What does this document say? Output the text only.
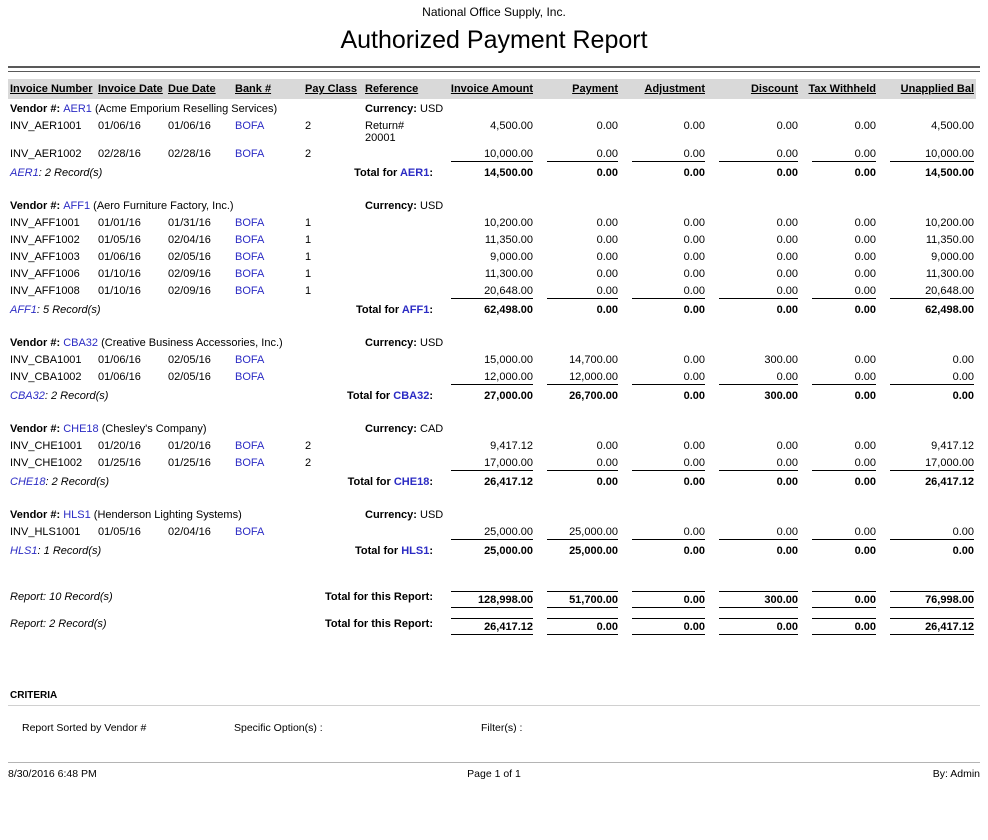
National Office Supply, Inc.
Authorized Payment Report
Invoice Number	Invoice Date	Due Date	Bank #	Pay Class	Reference	Invoice Amount	Payment	Adjustment	Discount	Tax Withheld	Unapplied Bal
Vendor #: AER1 (Acme Emporium Reselling Services)					Currency: USD						
INV_AER1001	01/06/16	01/06/16	BOFA	2	Return#
20001	4,500.00	0.00	0.00	0.00	0.00	4,500.00

INV_AER1002	02/28/16	02/28/16	BOFA	2		10,000.00	0.00	0.00	0.00	0.00	10,000.00

AER1: 2 Record(s)				Total for AER1:		14,500.00	0.00	0.00	0.00	0.00	14,500.00

Vendor #: AFF1 (Aero Furniture Factory, Inc.)					Currency: USD						
INV_AFF1001	01/01/16	01/31/16	BOFA	1		10,200.00	0.00	0.00	0.00	0.00	10,200.00

INV_AFF1002	01/05/16	02/04/16	BOFA	1		11,350.00	0.00	0.00	0.00	0.00	11,350.00

INV_AFF1003	01/06/16	02/05/16	BOFA	1		9,000.00	0.00	0.00	0.00	0.00	9,000.00

INV_AFF1006	01/10/16	02/09/16	BOFA	1		11,300.00	0.00	0.00	0.00	0.00	11,300.00

INV_AFF1008	01/10/16	02/09/16	BOFA	1		20,648.00	0.00	0.00	0.00	0.00	20,648.00

AFF1: 5 Record(s)				Total for AFF1:		62,498.00	0.00	0.00	0.00	0.00	62,498.00

Vendor #: CBA32 (Creative Business Accessories, Inc.)					Currency: USD						
INV_CBA1001	01/06/16	02/05/16	BOFA			15,000.00	14,700.00	0.00	300.00	0.00	0.00

INV_CBA1002	01/06/16	02/05/16	BOFA			12,000.00	12,000.00	0.00	0.00	0.00	0.00

CBA32: 2 Record(s)				Total for CBA32:		27,000.00	26,700.00	0.00	300.00	0.00	0.00

Vendor #: CHE18 (Chesley's Company)					Currency: CAD						
INV_CHE1001	01/20/16	01/20/16	BOFA	2		9,417.12	0.00	0.00	0.00	0.00	9,417.12

INV_CHE1002	01/25/16	01/25/16	BOFA	2		17,000.00	0.00	0.00	0.00	0.00	17,000.00

CHE18: 2 Record(s)				Total for CHE18:		26,417.12	0.00	0.00	0.00	0.00	26,417.12

Vendor #: HLS1 (Henderson Lighting Systems)					Currency: USD						
INV_HLS1001	01/05/16	02/04/16	BOFA			25,000.00	25,000.00	0.00	0.00	0.00	0.00

HLS1: 1 Record(s)				Total for HLS1:		25,000.00	25,000.00	0.00	0.00	0.00	0.00

Report: 10 Record(s)			Total for this Report:			128,998.00	51,700.00	0.00	300.00	0.00	76,998.00

Report: 2 Record(s)			Total for this Report:			26,417.12	0.00	0.00	0.00	0.00	26,417.12
CRITERIA
Report Sorted by Vendor #	Specific Option(s) :	Filter(s) :
Page 1 of 1
8/30/2016 6:48 PM	By: Admin
